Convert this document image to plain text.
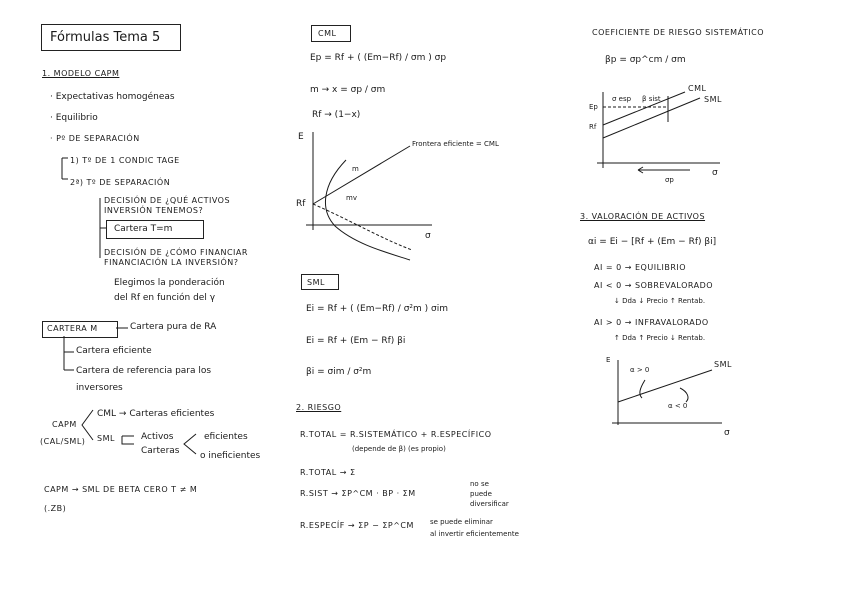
Fórmulas Tema 5
1. MODELO CAPM
· Expectativas homogéneas
· Equilibrio
· Pº DE SEPARACIÓN
1) Tº DE 1 CONDIC TAGE
2ª) Tº DE SEPARACIÓN
DECISIÓN DE ¿QUÉ ACTIVOS
INVERSIÓN TENEMOS?
Cartera T=m
DECISIÓN DE ¿CÓMO FINANCIAR
FINANCIACIÓN LA INVERSIÓN?
Elegimos la ponderación
del Rf en función del γ
CARTERA M	Cartera pura de RA
Cartera eficiente
Cartera de referencia para los
inversores
CAPM
(CAL/SML)
CML → Carteras eficientes
SML	Activos
Carteras
eficientes
o ineficientes
CAPM → SML DE BETA CERO T ≠ M
(.ZB)
CML
Ep = Rf + ( (Em−Rf) / σm ) σp
m → x = σp / σm
Rf → (1−x)
E
Rf
σ
Frontera eficiente = CML
m
mv
SML
Ei = Rf + ( (Em−Rf) / σ²m ) σim
Ei = Rf + (Em − Rf) βi
βi = σim / σ²m
2. RIESGO
R.TOTAL = R.SISTEMÁTICO + R.ESPECÍFICO
(depende de β) (es propio)
R.TOTAL → Σ
R.SIST → ΣP^CM · ΒP · ΣM
no se
puede
diversificar
R.ESPECÍF → ΣP − ΣP^CM se puede eliminar
al invertir eficientemente
COEFICIENTE DE RIESGO SISTEMÁTICO
βp = σp^cm / σm
Ep
Rf
CML
SML
σ esp β sist
σp
σ
3. VALORACIÓN DE ACTIVOS
αi = Ei − [Rf + (Em − Rf) βi]
ΑI = 0 → EQUILIBRIO
ΑI < 0 → SOBREVALORADO
↓ Dda ↓ Precio ↑ Rentab.
ΑI > 0 → INFRAVALORADO
↑ Dda ↑ Precio ↓ Rentab.
E	SML
α > 0
α < 0
σ
